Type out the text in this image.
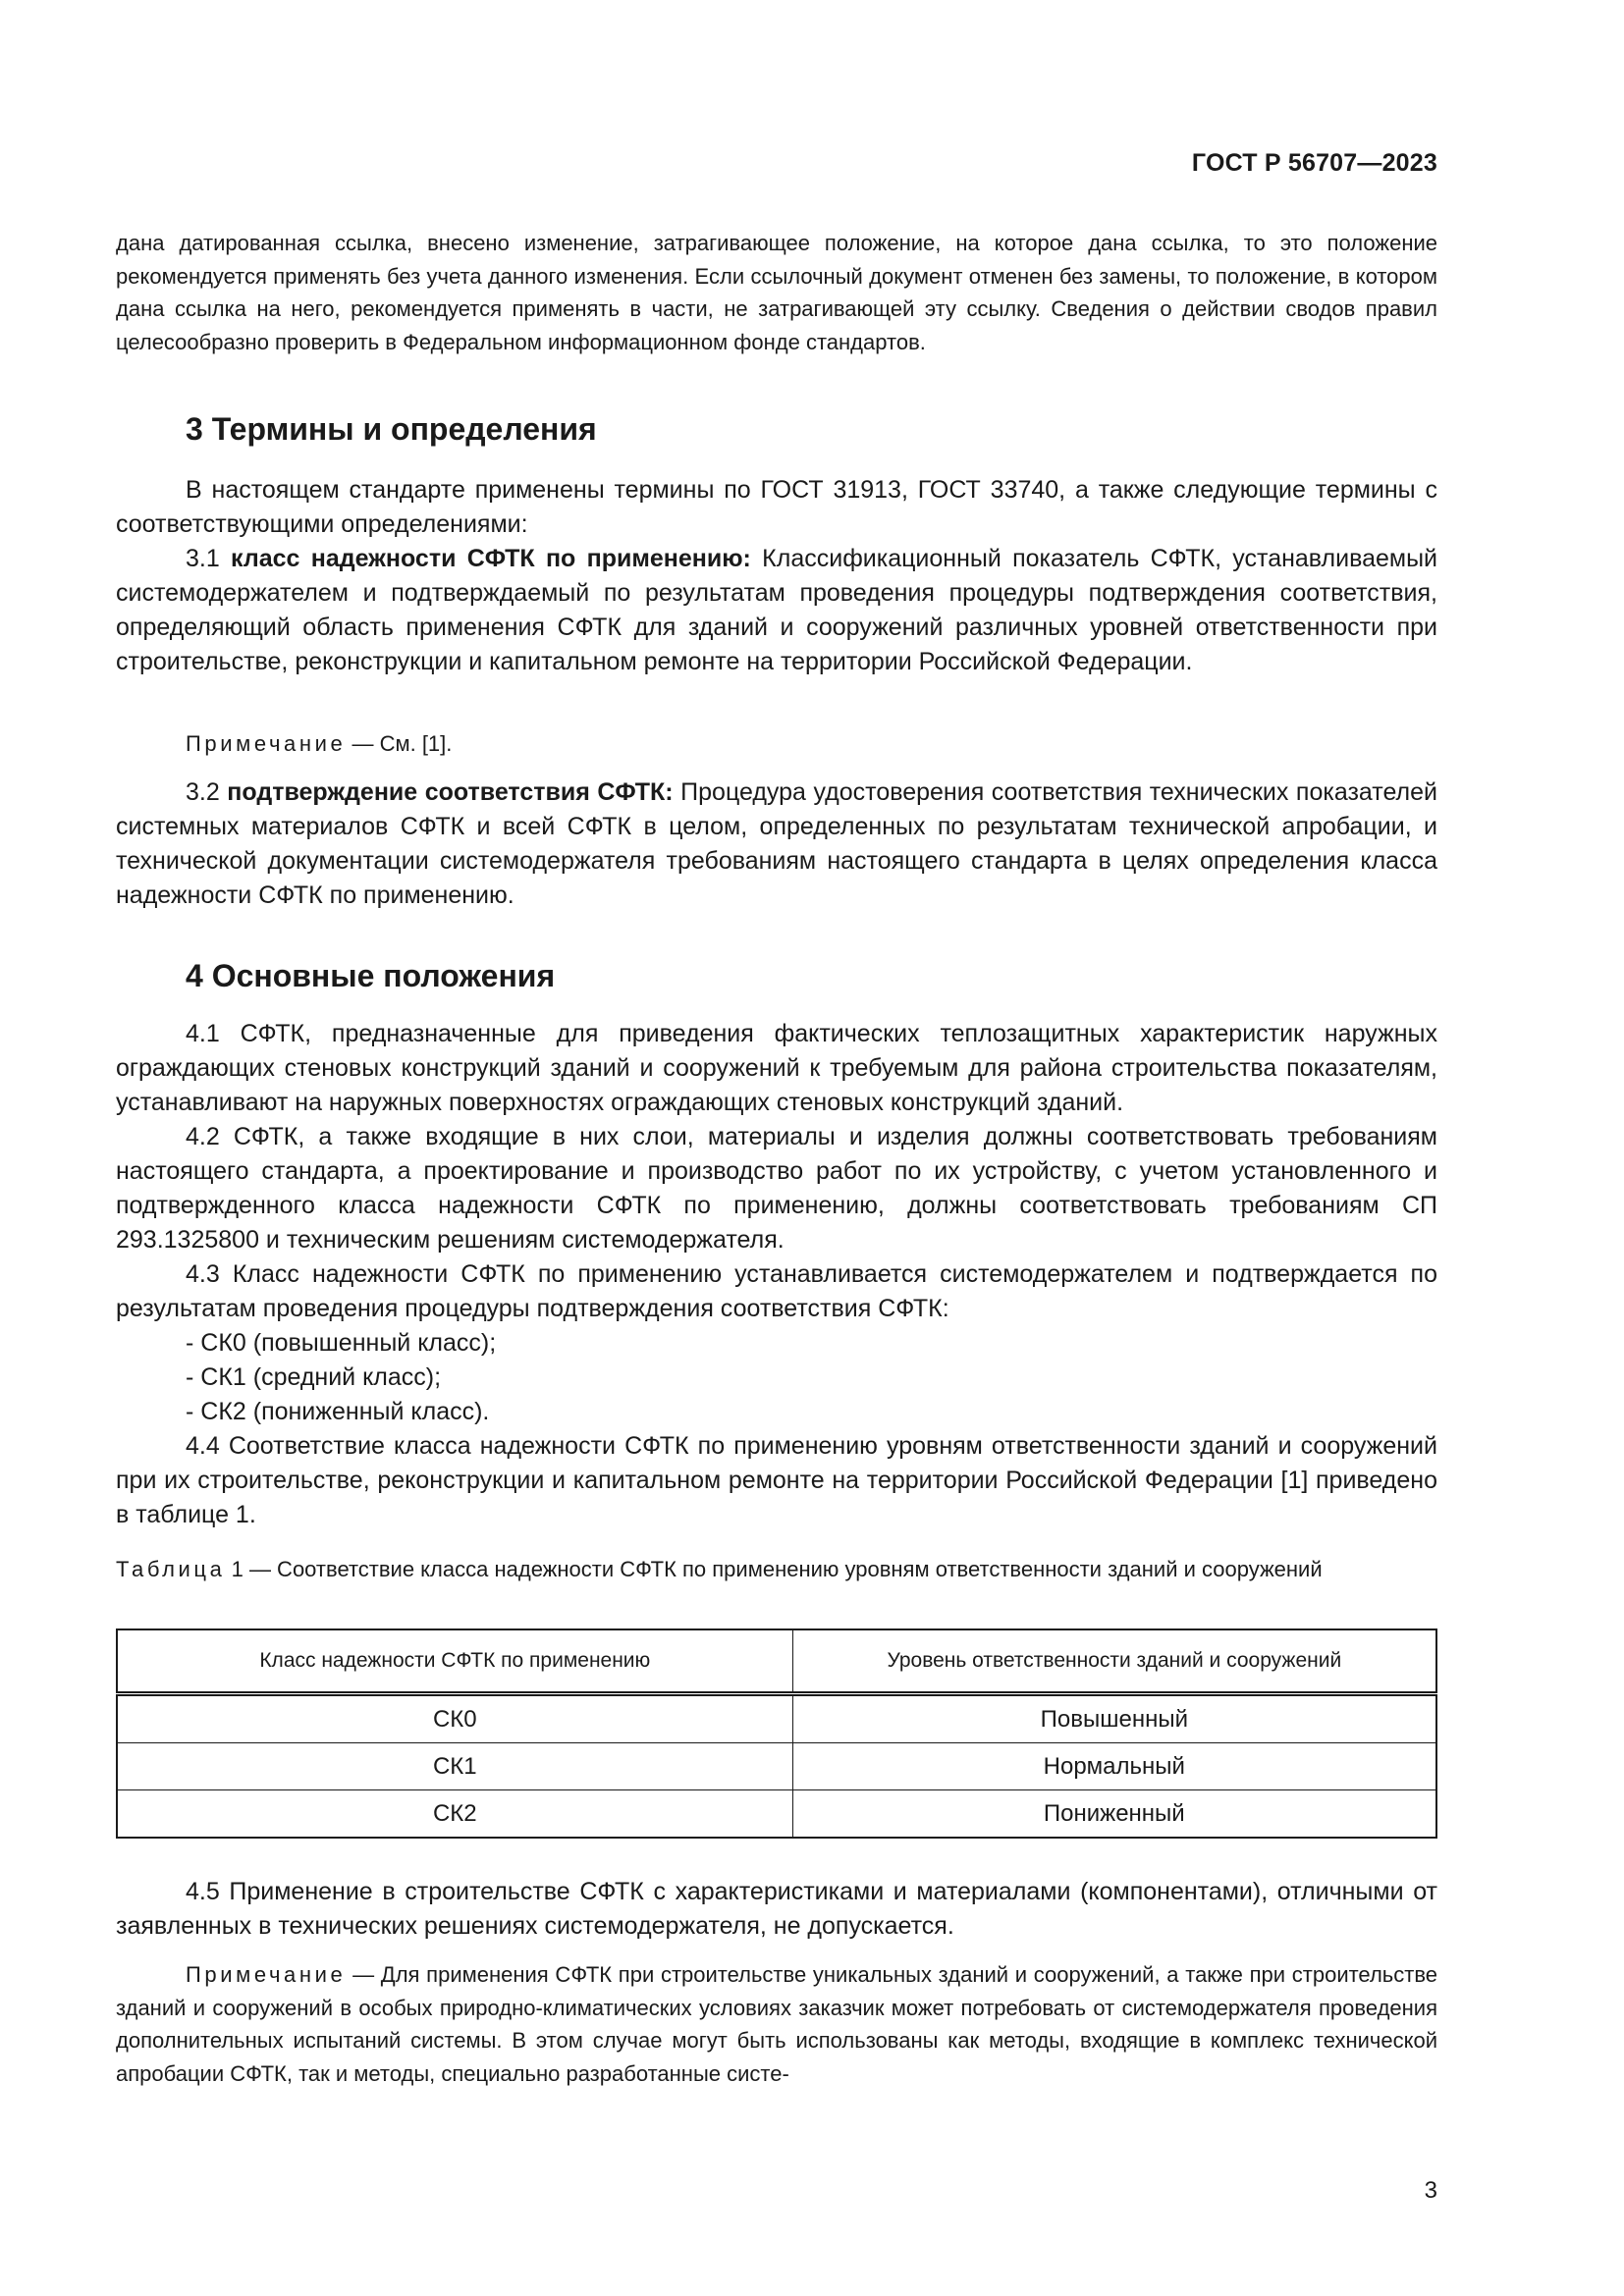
ГОСТ Р 56707—2023

дана датированная ссылка, внесено изменение, затрагивающее положение, на которое дана ссылка, то это положение рекомендуется применять без учета данного изменения. Если ссылочный документ отменен без замены, то положение, в котором дана ссылка на него, рекомендуется применять в части, не затрагивающей эту ссылку. Сведения о действии сводов правил целесообразно проверить в Федеральном информационном фонде стандартов.

3 Термины и определения

В настоящем стандарте применены термины по ГОСТ 31913, ГОСТ 33740, а также следующие термины с соответствующими определениями:

3.1 класс надежности СФТК по применению: Классификационный показатель СФТК, устанавливаемый системодержателем и подтверждаемый по результатам проведения процедуры подтверждения соответствия, определяющий область применения СФТК для зданий и сооружений различных уровней ответственности при строительстве, реконструкции и капитальном ремонте на территории Российской Федерации.

Примечание — См. [1].

3.2 подтверждение соответствия СФТК: Процедура удостоверения соответствия технических показателей системных материалов СФТК и всей СФТК в целом, определенных по результатам технической апробации, и технической документации системодержателя требованиям настоящего стандарта в целях определения класса надежности СФТК по применению.

4 Основные положения

4.1 СФТК, предназначенные для приведения фактических теплозащитных характеристик наружных ограждающих стеновых конструкций зданий и сооружений к требуемым для района строительства показателям, устанавливают на наружных поверхностях ограждающих стеновых конструкций зданий.

4.2 СФТК, а также входящие в них слои, материалы и изделия должны соответствовать требованиям настоящего стандарта, а проектирование и производство работ по их устройству, с учетом установленного и подтвержденного класса надежности СФТК по применению, должны соответствовать требованиям СП 293.1325800 и техническим решениям системодержателя.

4.3 Класс надежности СФТК по применению устанавливается системодержателем и подтверждается по результатам проведения процедуры подтверждения соответствия СФТК:

- СК0 (повышенный класс);

- СК1 (средний класс);

- СК2 (пониженный класс).

4.4 Соответствие класса надежности СФТК по применению уровням ответственности зданий и сооружений при их строительстве, реконструкции и капитальном ремонте на территории Российской Федерации [1] приведено в таблице 1.

Таблица 1 — Соответствие класса надежности СФТК по применению уровням ответственности зданий и сооружений

Класс надежности СФТК по применению	Уровень ответственности зданий и сооружений
СК0	Повышенный
СК1	Нормальный
СК2	Пониженный

4.5 Применение в строительстве СФТК с характеристиками и материалами (компонентами), отличными от заявленных в технических решениях системодержателя, не допускается.

Примечание — Для применения СФТК при строительстве уникальных зданий и сооружений, а также при строительстве зданий и сооружений в особых природно-климатических условиях заказчик может потребовать от системодержателя проведения дополнительных испытаний системы. В этом случае могут быть использованы как методы, входящие в комплекс технической апробации СФТК, так и методы, специально разработанные систе-

3
